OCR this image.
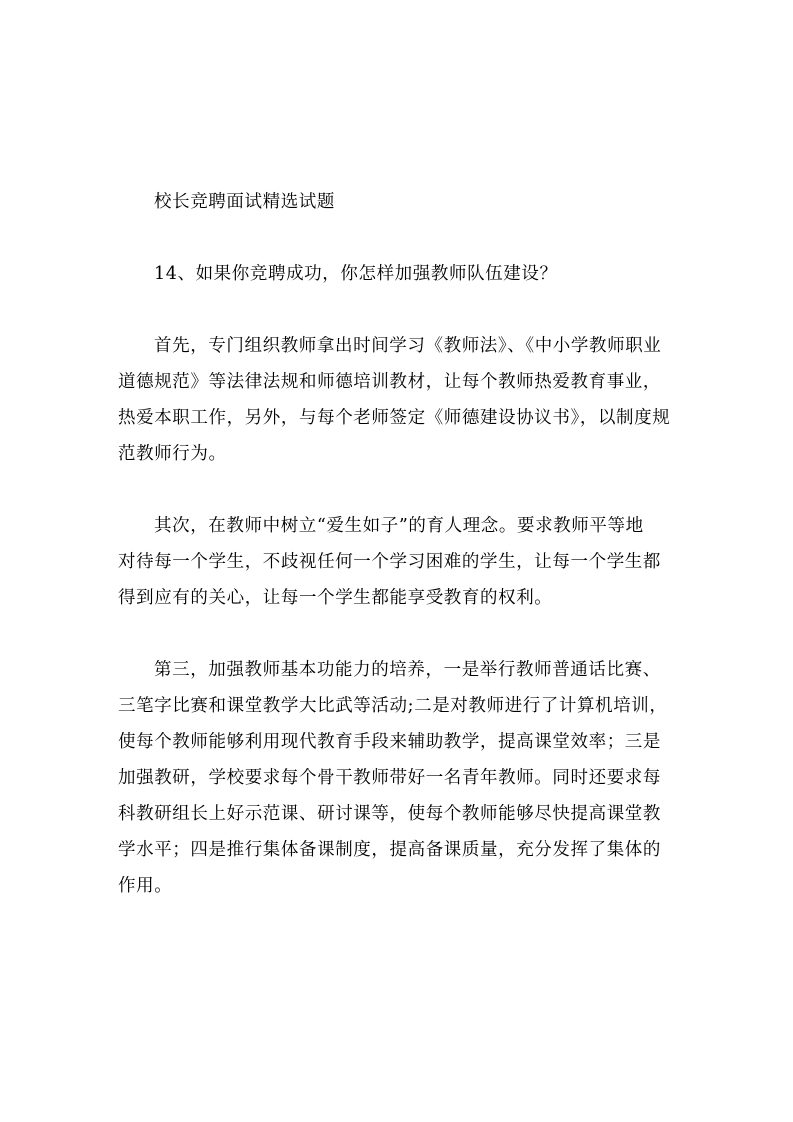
校长竞聘面试精选试题
14、如果你竞聘成功，你怎样加强教师队伍建设？
首先，专门组织教师拿出时间学习《教师法》、《中小学教师职业
道德规范》等法律法规和师德培训教材，让每个教师热爱教育事业，
热爱本职工作，另外，与每个老师签定《师德建设协议书》，以制度规
范教师行为。
其次，在教师中树立“爱生如子”的育人理念。要求教师平等地
对待每一个学生，不歧视任何一个学习困难的学生，让每一个学生都
得到应有的关心，让每一个学生都能享受教育的权利。
第三，加强教师基本功能力的培养，一是举行教师普通话比赛、
三笔字比赛和课堂教学大比武等活动;二是对教师进行了计算机培训，
使每个教师能够利用现代教育手段来辅助教学，提高课堂效率；三是
加强教研，学校要求每个骨干教师带好一名青年教师。同时还要求每
科教研组长上好示范课、研讨课等，使每个教师能够尽快提高课堂教
学水平；四是推行集体备课制度，提高备课质量，充分发挥了集体的
作用。
